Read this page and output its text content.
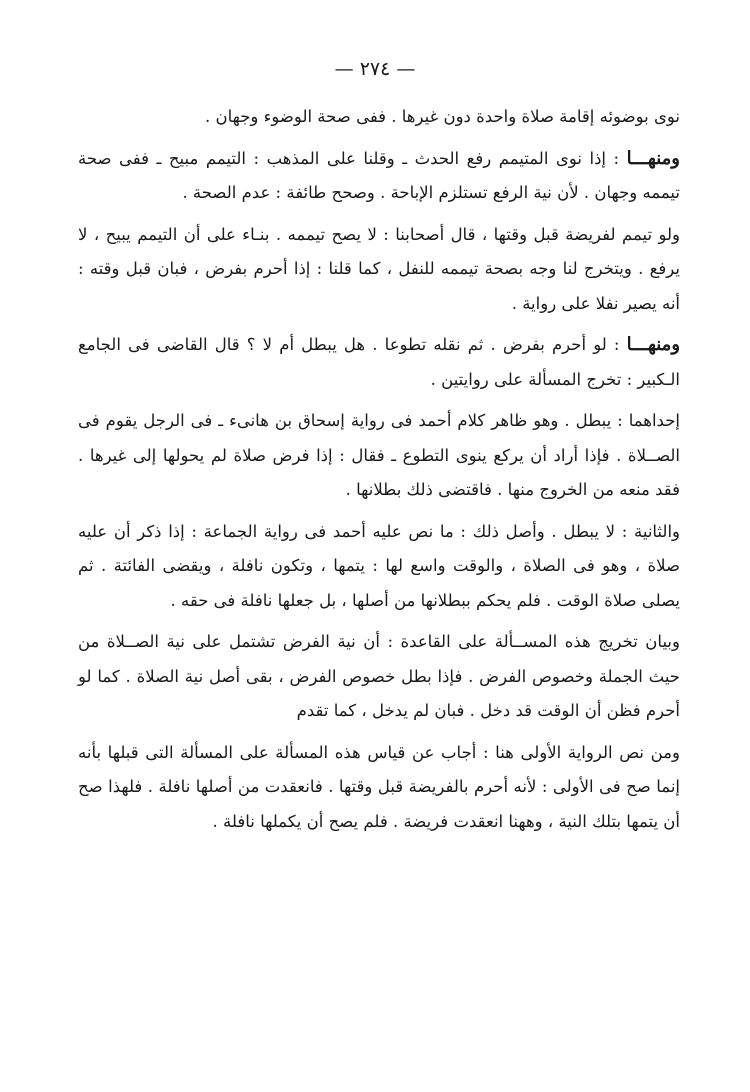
— ٢٧٤ —

نوى بوضوئه إقامة صلاة واحدة دون غيرها . ففى صحة الوضوء وجهان .

ومنهـــا : إذا نوى المتيمم رفع الحدث ـ وقلنا على المذهب : التيمم مبيح ـ ففى صحة تيممه وجهان . لأن نية الرفع تستلزم الإباحة . وصحح طائفة : عدم الصحة .

ولو تيمم لفريضة قبل وقتها ، قال أصحابنا : لا يصح تيممه . بنـاء على أن التيمم يبيح ، لا يرفع . ويتخرج لنا وجه بصحة تيممه للنفل ، كما قلنا : إذا أحرم بفرض ، فبان قبل وقته : أنه يصير نفلا على رواية .

ومنهـــا : لو أحرم بفرض . ثم نقله تطوعا . هل يبطل أم لا ؟ قال القاضى فى الجامع الـكبير : تخرج المسألة على روايتين .

إحداهما : يبطل . وهو ظاهر كلام أحمد فى رواية إسحاق بن هانىء ـ فى الرجل يقوم فى الصــلاة . فإذا أراد أن يركع ينوى التطوع ـ فقال : إذا فرض صلاة لم يحولها إلى غيرها . فقد منعه من الخروج منها . فاقتضى ذلك بطلانها .

والثانية : لا يبطل . وأصل ذلك : ما نص عليه أحمد فى رواية الجماعة : إذا ذكر أن عليه صلاة ، وهو فى الصلاة ، والوقت واسع لها : يتمها ، وتكون نافلة ، ويقضى الفائتة . ثم يصلى صلاة الوقت . فلم يحكم ببطلانها من أصلها ، بل جعلها نافلة فى حقه .

وبيان تخريج هذه المســألة على القاعدة : أن نية الفرض تشتمل على نية الصــلاة من حيث الجملة وخصوص الفرض . فإذا بطل خصوص الفرض ، بقى أصل نية الصلاة . كما لو أحرم فظن أن الوقت قد دخل . فبان لم يدخل ، كما تقدم

ومن نص الرواية الأولى هنا : أجاب عن قياس هذه المسألة على المسألة التى قبلها بأنه إنما صح فى الأولى : لأنه أحرم بالفريضة قبل وقتها . فانعقدت من أصلها نافلة . فلهذا صح أن يتمها بتلك النية ، وههنا انعقدت فريضة . فلم يصح أن يكملها نافلة .
